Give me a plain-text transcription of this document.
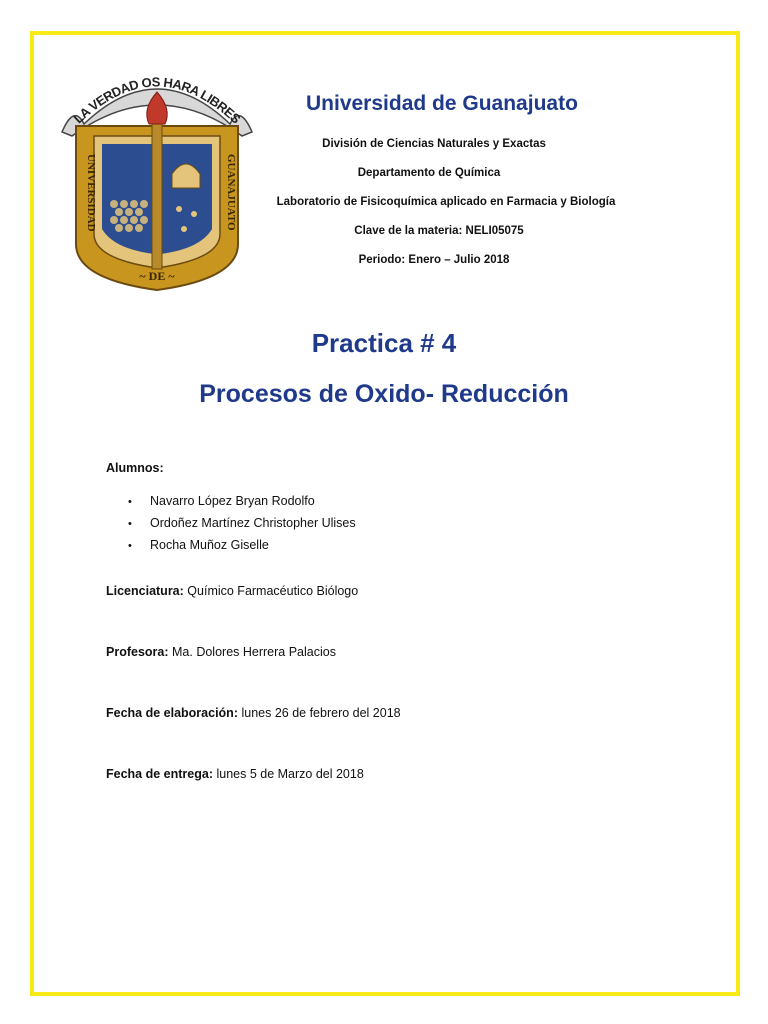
LA VERDAD OS HARA LIBRES
UNIVERSIDAD	GUANAJUATO
~ DE ~
Universidad de Guanajuato
División de Ciencias Naturales y Exactas
Departamento de Química
Laboratorio de Fisicoquímica aplicado en Farmacia y Biología
Clave de la materia: NELI05075
Periodo: Enero – Julio 2018
Practica # 4
Procesos de Oxido- Reducción
Alumnos:
• Navarro López Bryan Rodolfo
• Ordoñez Martínez Christopher Ulises
• Rocha Muñoz Giselle
Licenciatura: Químico Farmacéutico Biólogo
Profesora: Ma. Dolores Herrera Palacios
Fecha de elaboración: lunes 26 de febrero del 2018
Fecha de entrega: lunes 5 de Marzo del 2018
